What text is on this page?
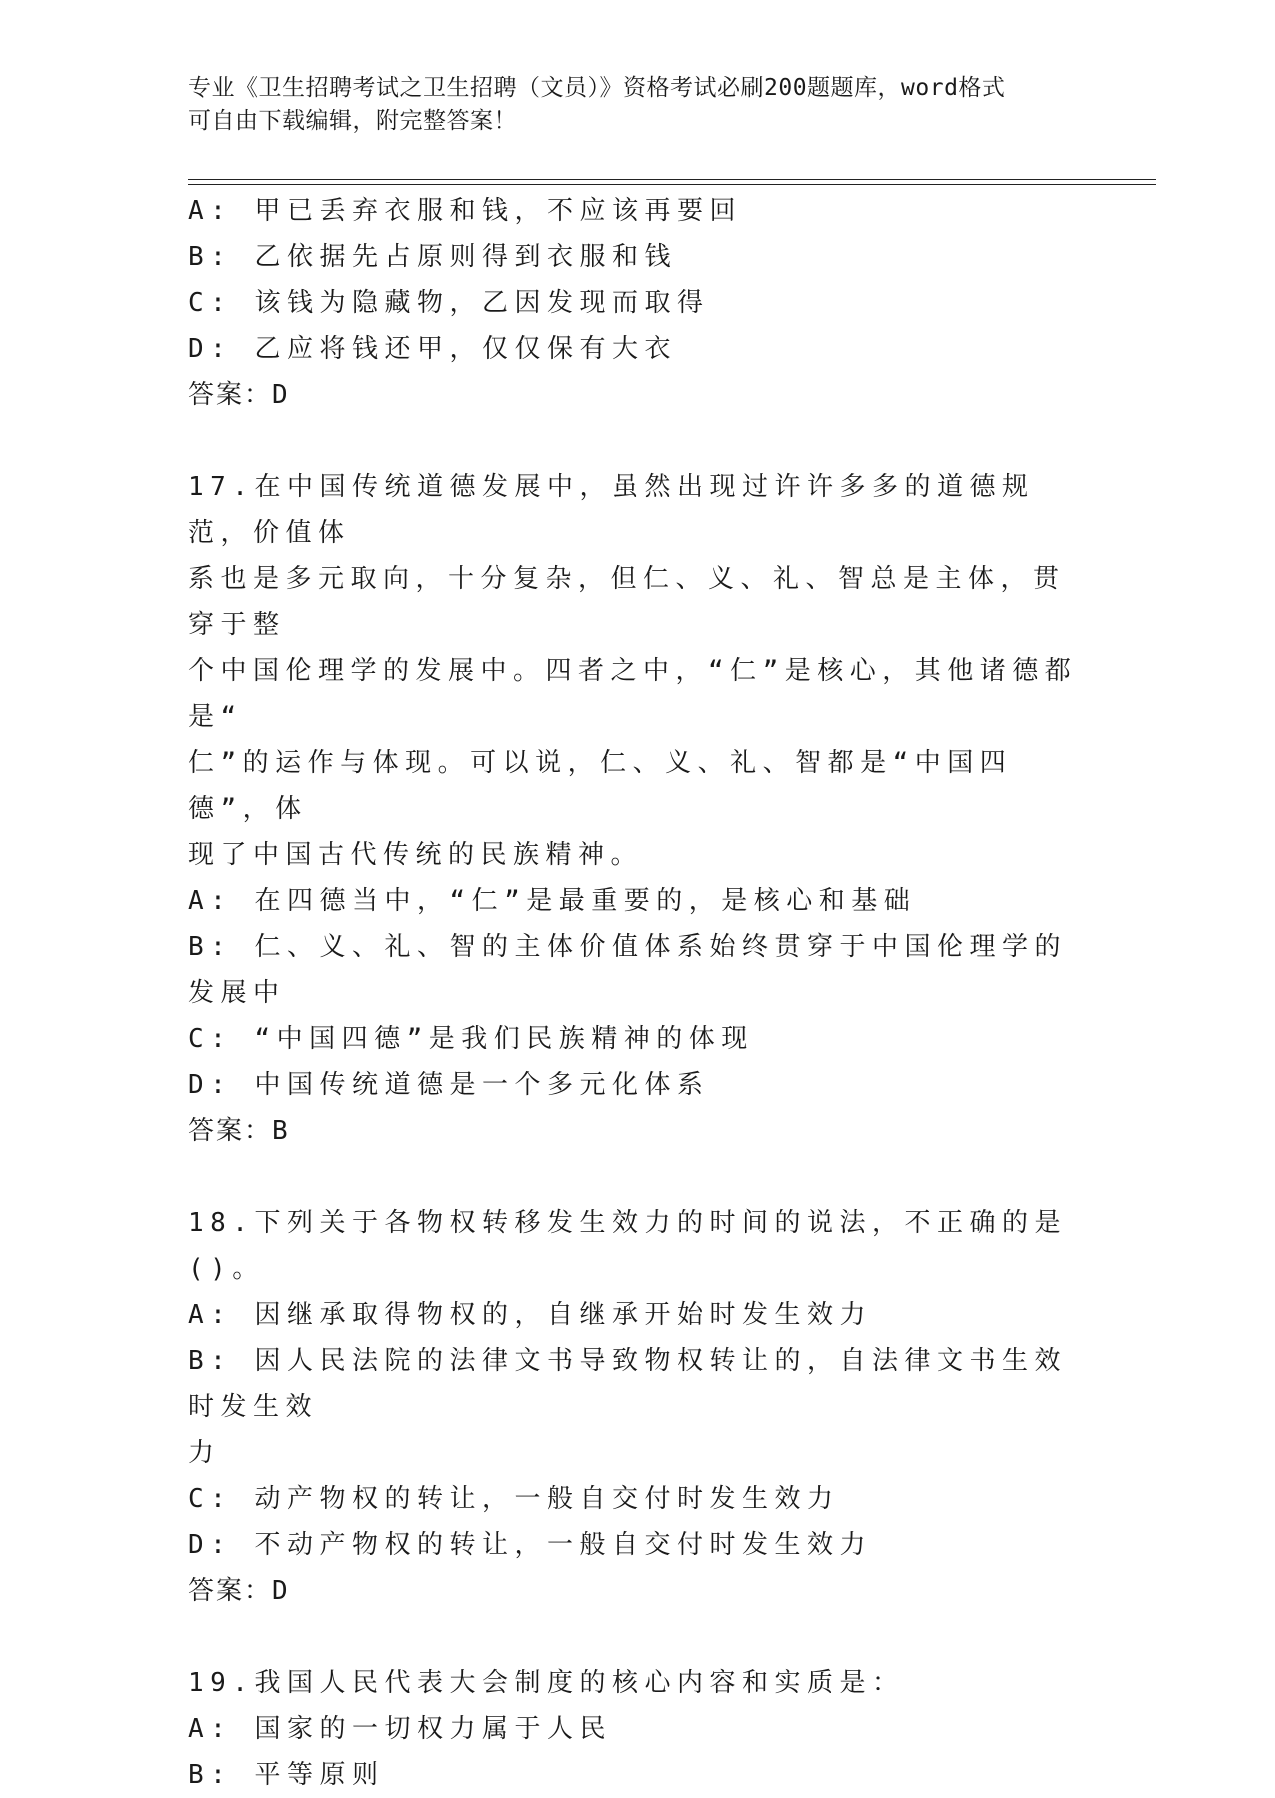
专业《卫生招聘考试之卫生招聘（文员）》资格考试必刷200题题库，word格式

可自由下载编辑，附完整答案！

A: 甲已丢弃衣服和钱，不应该再要回
B: 乙依据先占原则得到衣服和钱
C: 该钱为隐藏物，乙因发现而取得
D: 乙应将钱还甲，仅仅保有大衣
答案：D
17.在中国传统道德发展中，虽然出现过许许多多的道德规范，价值体
系也是多元取向，十分复杂，但仁、义、礼、智总是主体，贯穿于整
个中国伦理学的发展中。四者之中，“仁”是核心，其他诸德都是“
仁”的运作与体现。可以说，仁、义、礼、智都是“中国四德”，体
现了中国古代传统的民族精神。
A: 在四德当中，“仁”是最重要的，是核心和基础
B: 仁、义、礼、智的主体价值体系始终贯穿于中国伦理学的发展中
C: “中国四德”是我们民族精神的体现
D: 中国传统道德是一个多元化体系
答案：B
18.下列关于各物权转移发生效力的时间的说法，不正确的是()。
A: 因继承取得物权的，自继承开始时发生效力
B: 因人民法院的法律文书导致物权转让的，自法律文书生效时发生效
力
C: 动产物权的转让，一般自交付时发生效力
D: 不动产物权的转让，一般自交付时发生效力
答案：D
19.我国人民代表大会制度的核心内容和实质是：
A: 国家的一切权力属于人民
B: 平等原则
